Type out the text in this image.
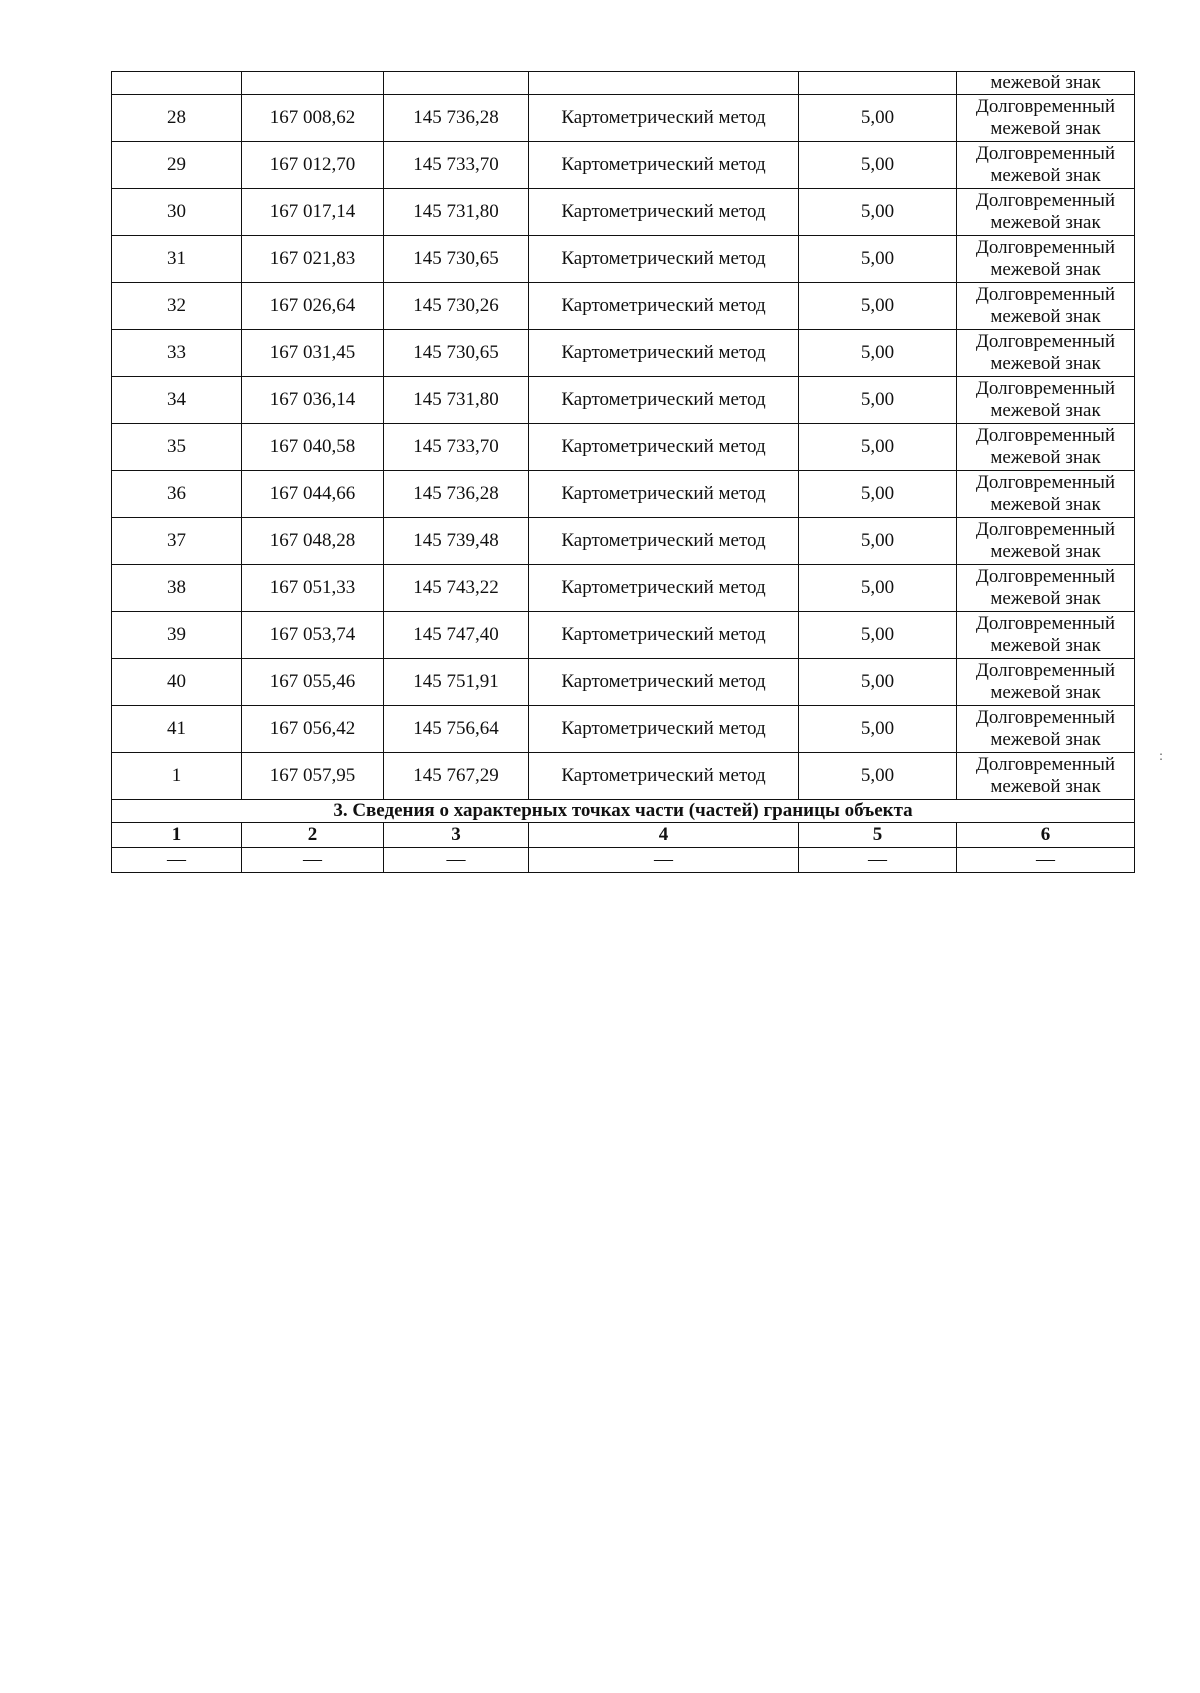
					межевой знак
28	167 008,62	145 736,28	Картометрический метод	5,00	Долговременный
межевой знак

29	167 012,70	145 733,70	Картометрический метод	5,00	Долговременный
межевой знак

30	167 017,14	145 731,80	Картометрический метод	5,00	Долговременный
межевой знак

31	167 021,83	145 730,65	Картометрический метод	5,00	Долговременный
межевой знак

32	167 026,64	145 730,26	Картометрический метод	5,00	Долговременный
межевой знак

33	167 031,45	145 730,65	Картометрический метод	5,00	Долговременный
межевой знак

34	167 036,14	145 731,80	Картометрический метод	5,00	Долговременный
межевой знак

35	167 040,58	145 733,70	Картометрический метод	5,00	Долговременный
межевой знак

36	167 044,66	145 736,28	Картометрический метод	5,00	Долговременный
межевой знак

37	167 048,28	145 739,48	Картометрический метод	5,00	Долговременный
межевой знак

38	167 051,33	145 743,22	Картометрический метод	5,00	Долговременный
межевой знак

39	167 053,74	145 747,40	Картометрический метод	5,00	Долговременный
межевой знак

40	167 055,46	145 751,91	Картометрический метод	5,00	Долговременный
межевой знак

41	167 056,42	145 756,64	Картометрический метод	5,00	Долговременный
межевой знак

1	167 057,95	145 767,29	Картометрический метод	5,00	Долговременный
межевой знак

3. Сведения о характерных точках части (частей) границы объекта					
1	2	3	4	5	6
—	—	—	—	—	—
:
